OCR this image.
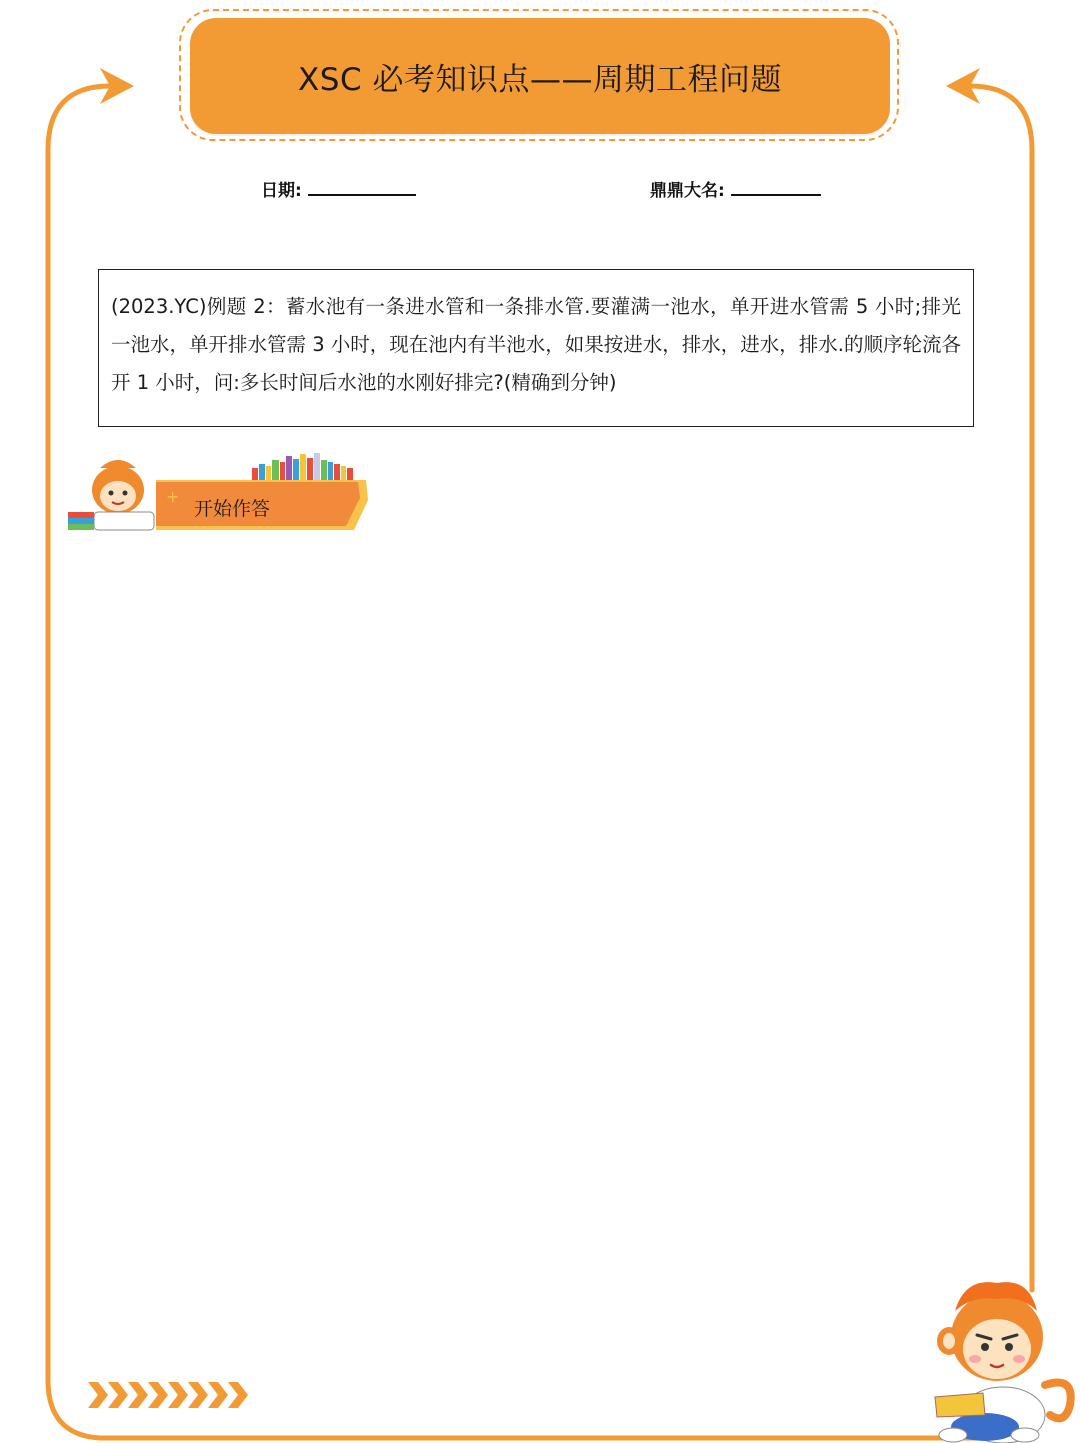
XSC 必考知识点——周期工程问题
日期:	鼎鼎大名:

(2023.YC)例题 2：蓄水池有一条进水管和一条排水管.要灌满一池水，单开进水管需 5 小时;排光一池水，单开排水管需 3 小时，现在池内有半池水，如果按进水，排水，进水，排水.的顺序轮流各开 1 小时，问:多长时间后水池的水刚好排完?(精确到分钟)

+
开始作答
